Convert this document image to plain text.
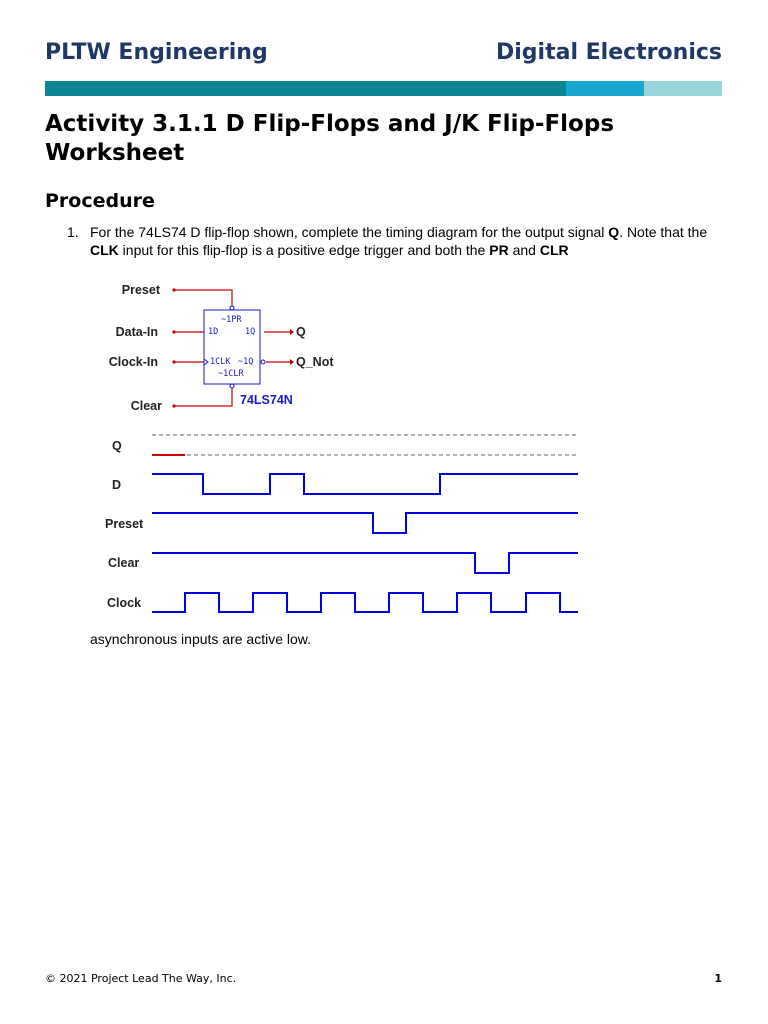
PLTW Engineering	Digital Electronics
Activity 3.1.1 D Flip-Flops and J/K Flip-Flops Worksheet
Procedure
1. For the 74LS74 D flip-flop shown, complete the timing diagram for the output signal Q. Note that the CLK input for this flip-flop is a positive edge trigger and both the PR and CLR
~1PR
1D	1Q
1CLK ~1Q
~1CLR
74LS74N
Preset
Data-In
Clock-In
Clear
Q
Q_Not
Q
D
Preset
Clear
Clock
asynchronous inputs are active low.
© 2021 Project Lead The Way, Inc.	1
